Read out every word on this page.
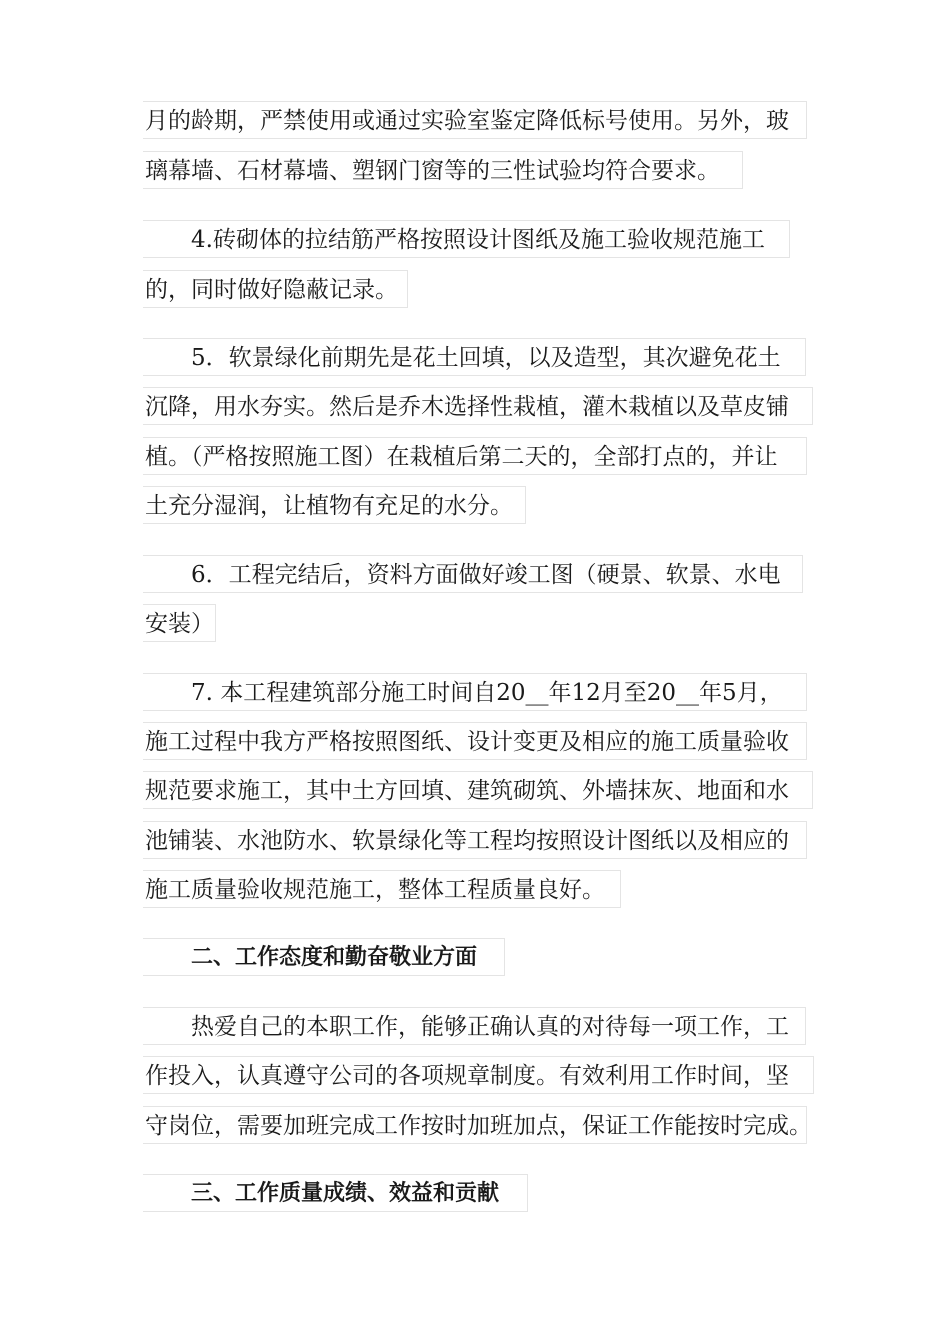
月的龄期，严禁使用或通过实验室鉴定降低标号使用。另外，玻
璃幕墙、石材幕墙、塑钢门窗等的三性试验均符合要求。
4.砖砌体的拉结筋严格按照设计图纸及施工验收规范施工
的，同时做好隐蔽记录。
5．软景绿化前期先是花土回填，以及造型，其次避免花土
沉降，用水夯实。然后是乔木选择性栽植，灌木栽植以及草皮铺
植。（严格按照施工图）在栽植后第二天的，全部打点的，并让
土充分湿润，让植物有充足的水分。
6．工程完结后，资料方面做好竣工图（硬景、软景、水电
安装）
7. 本工程建筑部分施工时间自20__年12月至20__年5月，
施工过程中我方严格按照图纸、设计变更及相应的施工质量验收
规范要求施工，其中土方回填、建筑砌筑、外墙抹灰、地面和水
池铺装、水池防水、软景绿化等工程均按照设计图纸以及相应的
施工质量验收规范施工，整体工程质量良好。
二、工作态度和勤奋敬业方面
热爱自己的本职工作，能够正确认真的对待每一项工作，工
作投入，认真遵守公司的各项规章制度。有效利用工作时间，坚
守岗位，需要加班完成工作按时加班加点，保证工作能按时完成。
三、工作质量成绩、效益和贡献
